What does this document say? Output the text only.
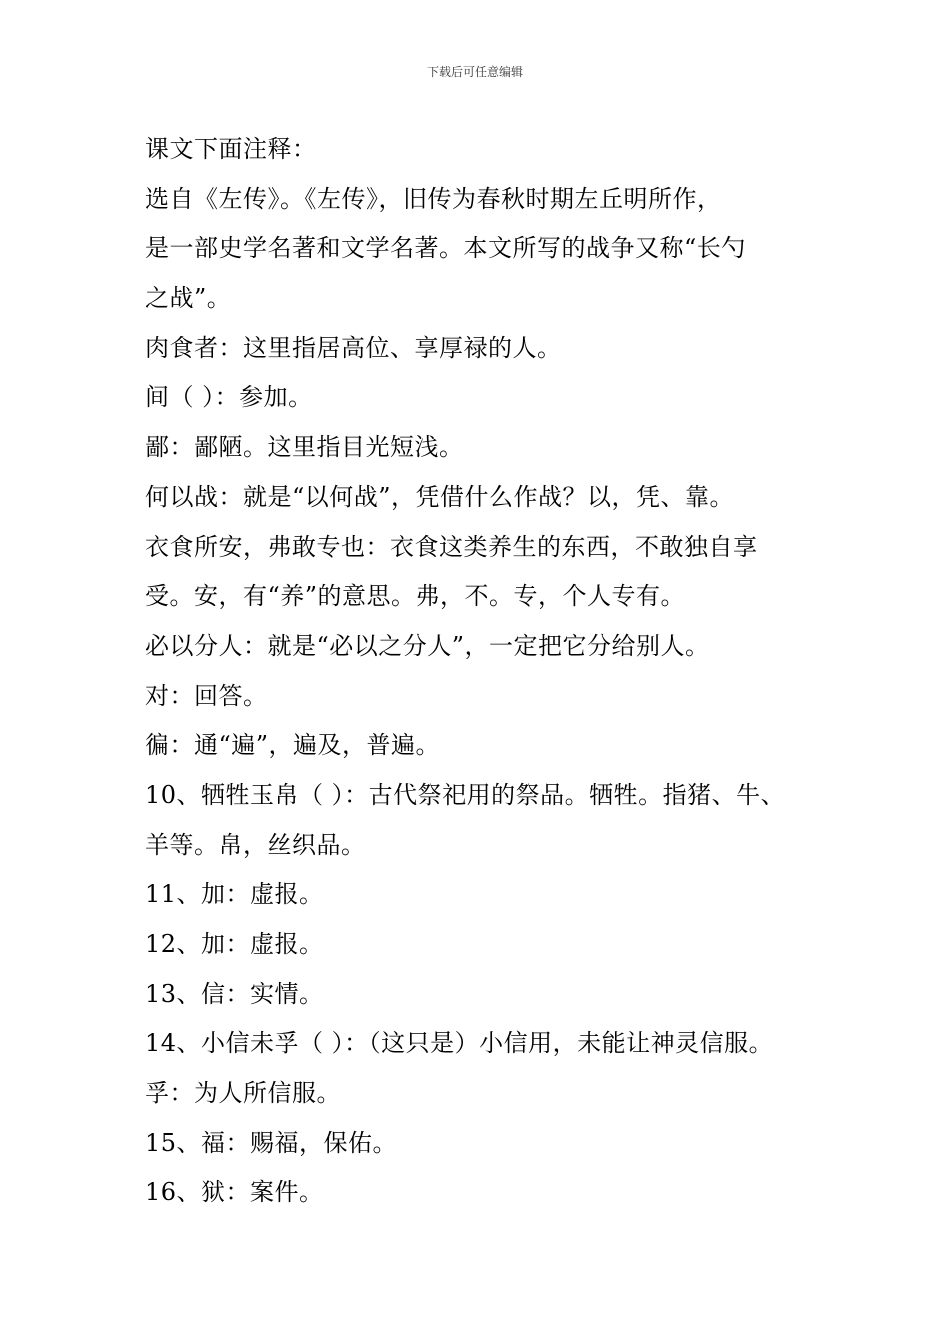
下载后可任意编辑
课文下面注释：
选自《左传》。《左传》，旧传为春秋时期左丘明所作，
是一部史学名著和文学名著。本文所写的战争又称“长勺
之战”。
肉食者：这里指居高位、享厚禄的人。
间（ ）：参加。
鄙：鄙陋。这里指目光短浅。
何以战：就是“以何战”，凭借什么作战？以，凭、靠。
衣食所安，弗敢专也：衣食这类养生的东西，不敢独自享
受。安，有“养”的意思。弗，不。专，个人专有。
必以分人：就是“必以之分人”，一定把它分给别人。
对：回答。
徧：通“遍”，遍及，普遍。
10、牺牲玉帛（ ）：古代祭祀用的祭品。牺牲。指猪、牛、
羊等。帛，丝织品。
11、加：虚报。
12、加：虚报。
13、信：实情。
14、小信未孚（ ）：（这只是）小信用，未能让神灵信服。
孚：为人所信服。
15、福：赐福，保佑。
16、狱：案件。
